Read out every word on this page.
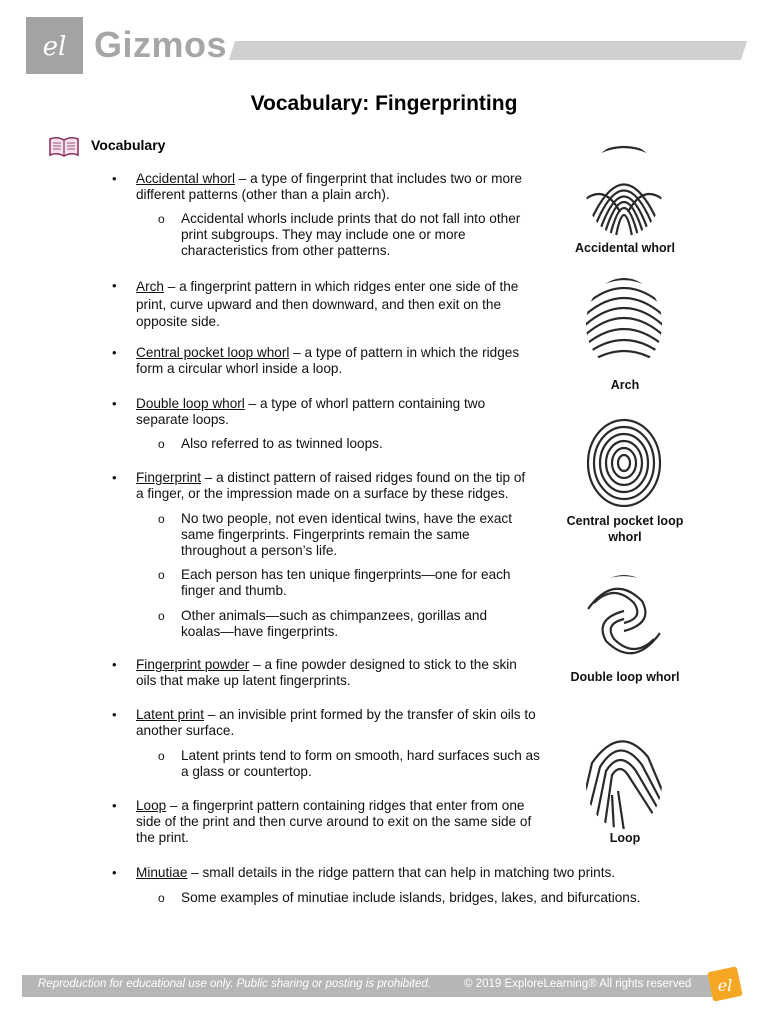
el Gizmos
Vocabulary: Fingerprinting
Vocabulary
• Accidental whorl – a type of fingerprint that includes two or more different patterns (other than a plain arch).
o Accidental whorls include prints that do not fall into other print subgroups. They may include one or more characteristics from other patterns.
• Arch – a fingerprint pattern in which ridges enter one side of the print, curve upward and then downward, and then exit on the opposite side.
• Central pocket loop whorl – a type of pattern in which the ridges form a circular whorl inside a loop.
• Double loop whorl – a type of whorl pattern containing two separate loops.
o Also referred to as twinned loops.
• Fingerprint – a distinct pattern of raised ridges found on the tip of a finger, or the impression made on a surface by these ridges.
o No two people, not even identical twins, have the exact same fingerprints. Fingerprints remain the same throughout a person’s life.
o Each person has ten unique fingerprints—one for each finger and thumb.
o Other animals—such as chimpanzees, gorillas and koalas—have fingerprints.
• Fingerprint powder – a fine powder designed to stick to the skin oils that make up latent fingerprints.
• Latent print – an invisible print formed by the transfer of skin oils to another surface.
o Latent prints tend to form on smooth, hard surfaces such as a glass or countertop.
• Loop – a fingerprint pattern containing ridges that enter from one side of the print and then curve around to exit on the same side of the print.
• Minutiae – small details in the ridge pattern that can help in matching two prints.
o Some examples of minutiae include islands, bridges, lakes, and bifurcations.
Accidental whorl
Arch
Central pocket loop whorl
Double loop whorl
Loop
Reproduction for educational use only. Public sharing or posting is prohibited.	© 2019 ExploreLearning® All rights reserved el
